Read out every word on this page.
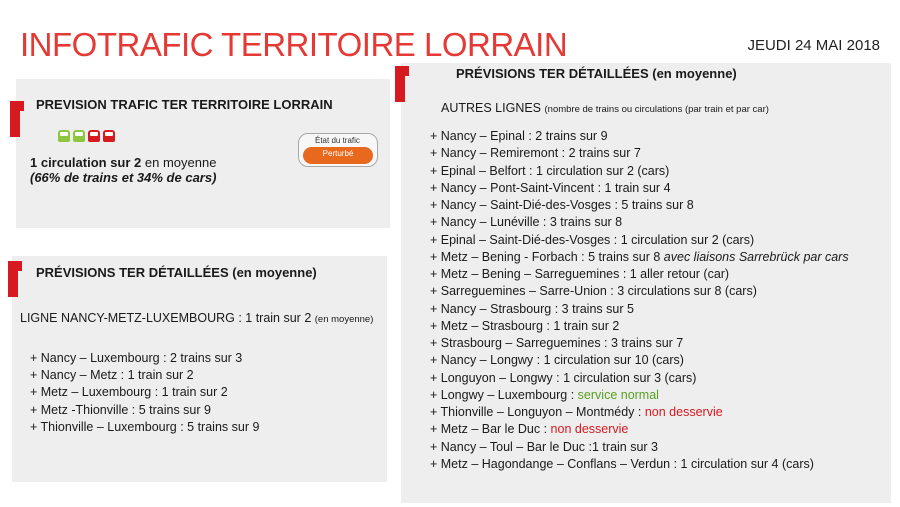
INFOTRAFIC TERRITOIRE LORRAIN	JEUDI 24 MAI 2018
PREVISION TRAFIC TER TERRITOIRE LORRAIN
1 circulation sur 2 en moyenne
(66% de trains et 34% de cars)
État du trafic
Perturbé
PRÉVISIONS TER DÉTAILLÉES (en moyenne)
LIGNE NANCY-METZ-LUXEMBOURG : 1 train sur 2 (en moyenne)
+ Nancy – Luxembourg : 2 trains sur 3
+ Nancy – Metz : 1 train sur 2
+ Metz – Luxembourg : 1 train sur 2
+ Metz -Thionville : 5 trains sur 9
+ Thionville – Luxembourg : 5 trains sur 9
PRÉVISIONS TER DÉTAILLÉES (en moyenne)
AUTRES LIGNES (nombre de trains ou circulations (par train et par car)
+ Nancy – Epinal : 2 trains sur 9
+ Nancy – Remiremont : 2 trains sur 7
+ Epinal – Belfort : 1 circulation sur 2 (cars)
+ Nancy – Pont-Saint-Vincent : 1 train sur 4
+ Nancy – Saint-Dié-des-Vosges : 5 trains sur 8
+ Nancy – Lunéville : 3 trains sur 8
+ Epinal – Saint-Dié-des-Vosges : 1 circulation sur 2 (cars)
+ Metz – Bening - Forbach : 5 trains sur 8 avec liaisons Sarrebrück par cars
+ Metz – Bening – Sarreguemines : 1 aller retour (car)
+ Sarreguemines – Sarre-Union : 3 circulations sur 8 (cars)
+ Nancy – Strasbourg : 3 trains sur 5
+ Metz – Strasbourg : 1 train sur 2
+ Strasbourg – Sarreguemines : 3 trains sur 7
+ Nancy – Longwy : 1 circulation sur 10 (cars)
+ Longuyon – Longwy : 1 circulation sur 3 (cars)
+ Longwy – Luxembourg : service normal
+ Thionville – Longuyon – Montmédy : non desservie
+ Metz – Bar le Duc : non desservie
+ Nancy – Toul – Bar le Duc :1 train sur 3
+ Metz – Hagondange – Conflans – Verdun : 1 circulation sur 4 (cars)
